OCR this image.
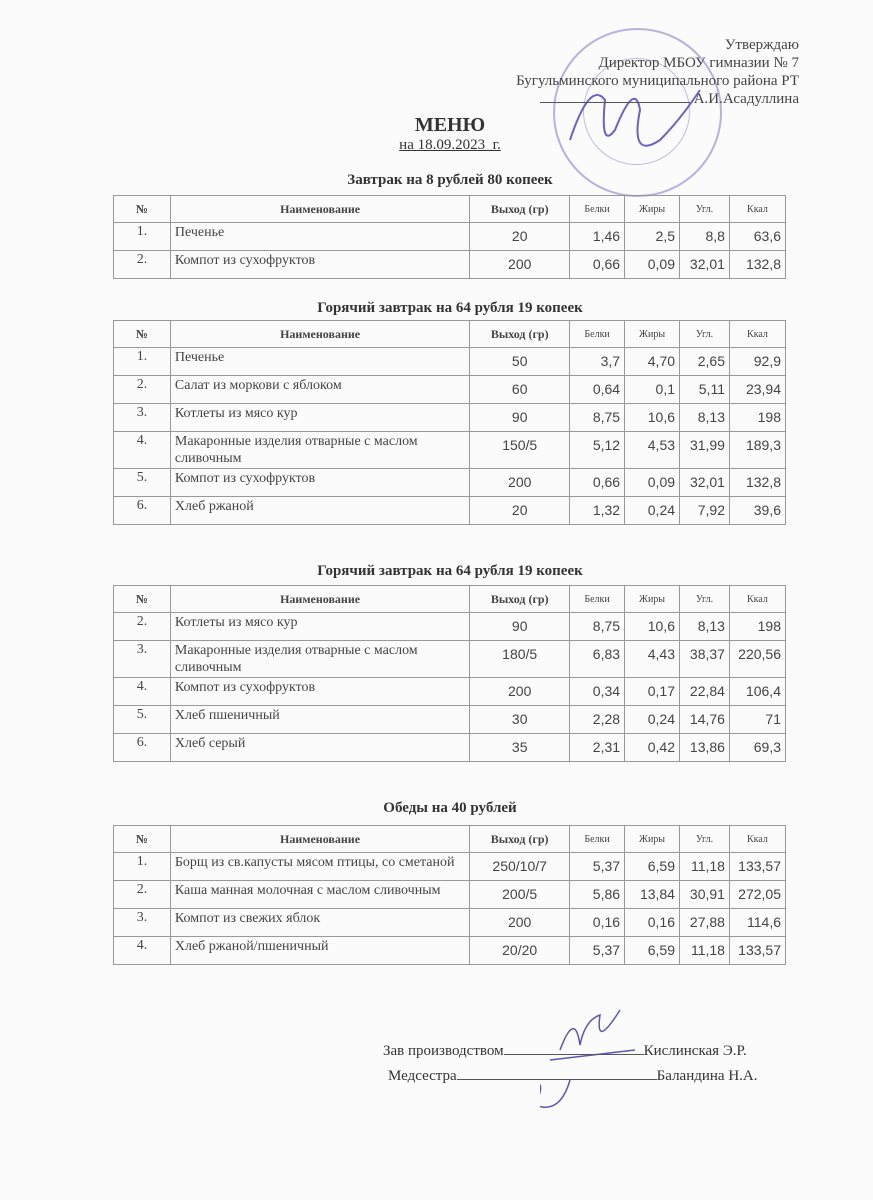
Утверждаю
Директор МБОУ гимназии № 7
Бугульминского муниципального района РТ
А.И.Асадуллина
МЕНЮ
на 18.09.2023_г.
Завтрак на 8 рублей 80 копеек
№	Наименование	Выход (гр)	Белки	Жиры	Угл.	Ккал
1.	Печенье	20	1,46	2,5	8,8	63,6
2.	Компот из сухофруктов	200	0,66	0,09	32,01	132,8
Горячий завтрак на 64 рубля 19 копеек
№	Наименование	Выход (гр)	Белки	Жиры	Угл.	Ккал
1.	Печенье	50	3,7	4,70	2,65	92,9
2.	Салат из моркови с яблоком	60	0,64	0,1	5,11	23,94
3.	Котлеты из мясо кур	90	8,75	10,6	8,13	198
4.	Макаронные изделия отварные с маслом сливочным	150/5	5,12	4,53	31,99	189,3
5.	Компот из сухофруктов	200	0,66	0,09	32,01	132,8
6.	Хлеб ржаной	20	1,32	0,24	7,92	39,6
Горячий завтрак на 64 рубля 19 копеек
№	Наименование	Выход (гр)	Белки	Жиры	Угл.	Ккал
2.	Котлеты из мясо кур	90	8,75	10,6	8,13	198
3.	Макаронные изделия отварные с маслом сливочным	180/5	6,83	4,43	38,37	220,56
4.	Компот из сухофруктов	200	0,34	0,17	22,84	106,4
5.	Хлеб пшеничный	30	2,28	0,24	14,76	71
6.	Хлеб серый	35	2,31	0,42	13,86	69,3
Обеды на 40 рублей
№	Наименование	Выход (гр)	Белки	Жиры	Угл.	Ккал
1.	Борщ из св.капусты мясом птицы, со сметаной	250/10/7	5,37	6,59	11,18	133,57
2.	Каша манная молочная с маслом сливочным	200/5	5,86	13,84	30,91	272,05
3.	Компот из свежих яблок	200	0,16	0,16	27,88	114,6
4.	Хлеб ржаной/пшеничный	20/20	5,37	6,59	11,18	133,57
Зав производством	Кислинская Э.Р.
Медсестра	Баландина Н.А.
